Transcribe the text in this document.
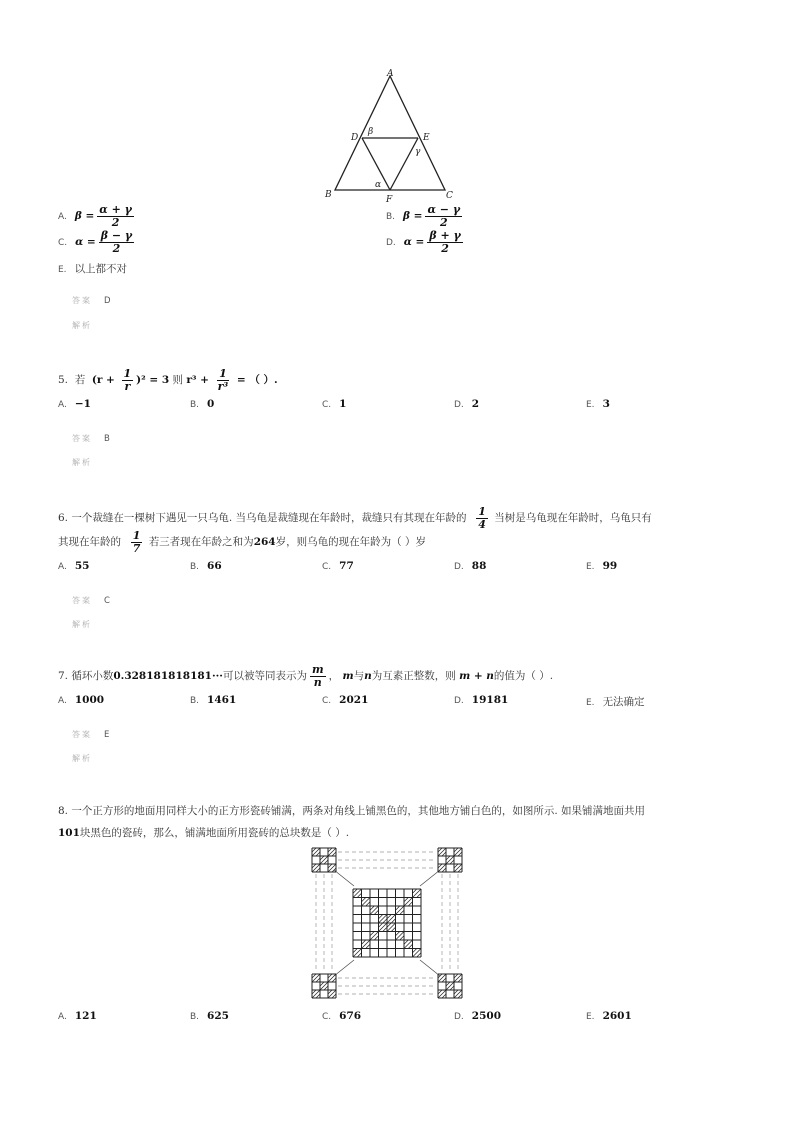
A
D
β
E
γ
B
α
F	C
A. $\beta = \frac{\alpha + \gamma}{2}$	B. $\beta = \frac{\alpha - \gamma}{2}$
C. $\alpha = \frac{\beta - \gamma}{2}$	D. $\alpha = \frac{\beta + \gamma}{2}$
E. 以上都不对
答案 D
解析
5. 若 $(r + \frac{1}{r} )^2 = 3$ 则 $r^3 + \frac{1}{\text{r³}}$ = （ ）.
A. −1	B. 0	C. 1	D. 2	E. 3
答案 B
解析
6. 一个裁缝在一棵树下遇见一只乌龟. 当乌龟是裁缝现在年龄时，裁缝只有其现在年龄的 $\frac{1}{4}$ 当树是乌龟现在年龄时，乌龟只有
其现在年龄的 $\frac{1}{7}$ 若三者现在年龄之和为264岁，则乌龟的现在年龄为（ ）岁
A. 55	B. 66	C. 77	D. 88	E. 99
答案 C
解析
7. 循环小数0.328181818181···可以被等同表示为 $\frac{m}{n}$ ， m与n为互素正整数，则 m + n的值为（ ）.
A. 1000	B. 1461	C. 2021	D. 19181	E. 无法确定
答案 E
解析
8. 一个正方形的地面用同样大小的正方形瓷砖铺满，两条对角线上铺黑色的，其他地方铺白色的，如图所示. 如果铺满地面共用
101块黑色的瓷砖，那么，铺满地面所用瓷砖的总块数是（ ）.
A. 121	B. 625	C. 676	D. 2500	E. 2601
